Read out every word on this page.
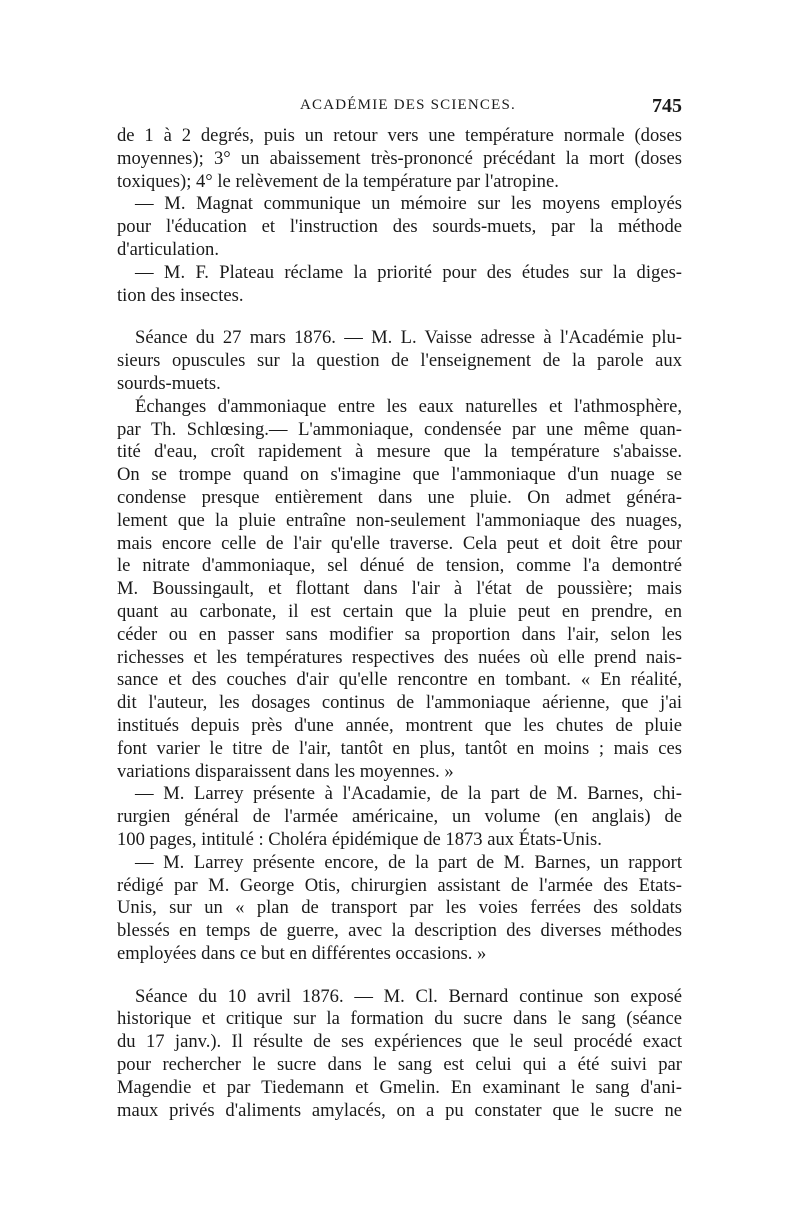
ACADÉMIE DES SCIENCES.	745

de 1 à 2 degrés, puis un retour vers une température normale (doses
moyennes); 3° un abaissement très-prononcé précédant la mort (doses
toxiques); 4° le relèvement de la température par l'atropine.

— M. Magnat communique un mémoire sur les moyens employés
pour l'éducation et l'instruction des sourds-muets, par la méthode
d'articulation.

— M. F. Plateau réclame la priorité pour des études sur la diges-
tion des insectes.

Séance du 27 mars 1876. — M. L. Vaisse adresse à l'Académie plu-
sieurs opuscules sur la question de l'enseignement de la parole aux
sourds-muets.

Échanges d'ammoniaque entre les eaux naturelles et l'athmosphère,
par Th. Schlœsing.— L'ammoniaque, condensée par une même quan-
tité d'eau, croît rapidement à mesure que la température s'abaisse.
On se trompe quand on s'imagine que l'ammoniaque d'un nuage se
condense presque entièrement dans une pluie. On admet généra-
lement que la pluie entraîne non-seulement l'ammoniaque des nuages,
mais encore celle de l'air qu'elle traverse. Cela peut et doit être pour
le nitrate d'ammoniaque, sel dénué de tension, comme l'a demontré
M. Boussingault, et flottant dans l'air à l'état de poussière; mais
quant au carbonate, il est certain que la pluie peut en prendre, en
céder ou en passer sans modifier sa proportion dans l'air, selon les
richesses et les températures respectives des nuées où elle prend nais-
sance et des couches d'air qu'elle rencontre en tombant. « En réalité,
dit l'auteur, les dosages continus de l'ammoniaque aérienne, que j'ai
institués depuis près d'une année, montrent que les chutes de pluie
font varier le titre de l'air, tantôt en plus, tantôt en moins ; mais ces
variations disparaissent dans les moyennes. »

— M. Larrey présente à l'Acadamie, de la part de M. Barnes, chi-
rurgien général de l'armée américaine, un volume (en anglais) de
100 pages, intitulé : Choléra épidémique de 1873 aux États-Unis.

— M. Larrey présente encore, de la part de M. Barnes, un rapport
rédigé par M. George Otis, chirurgien assistant de l'armée des Etats-
Unis, sur un « plan de transport par les voies ferrées des soldats
blessés en temps de guerre, avec la description des diverses méthodes
employées dans ce but en différentes occasions. »

Séance du 10 avril 1876. — M. Cl. Bernard continue son exposé
historique et critique sur la formation du sucre dans le sang (séance
du 17 janv.). Il résulte de ses expériences que le seul procédé exact
pour rechercher le sucre dans le sang est celui qui a été suivi par
Magendie et par Tiedemann et Gmelin. En examinant le sang d'ani-
maux privés d'aliments amylacés, on a pu constater que le sucre ne
